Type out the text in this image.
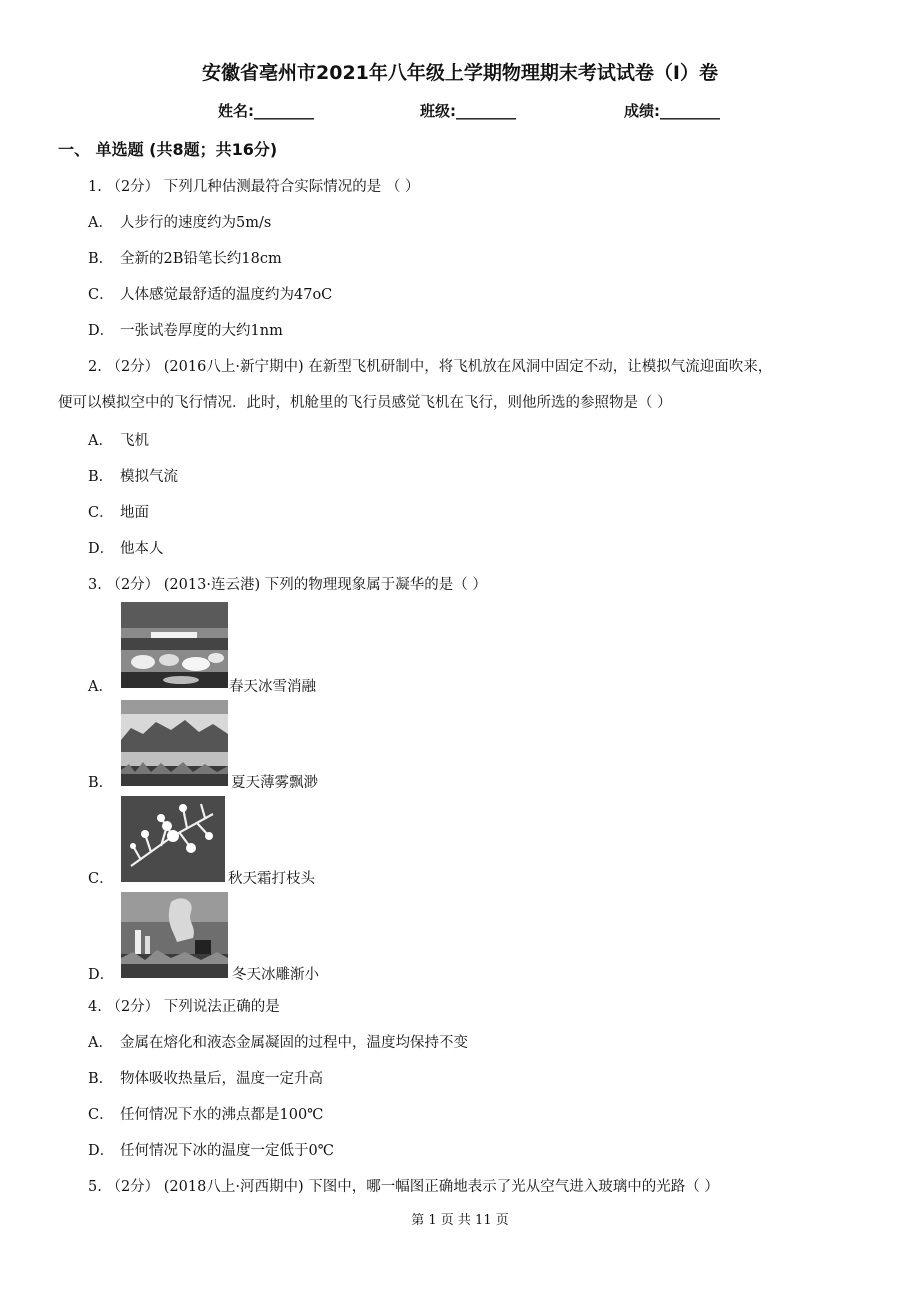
安徽省亳州市2021年八年级上学期物理期末考试试卷（I）卷
姓名:________	班级:________	成绩:________
一、 单选题 (共8题；共16分)
1. （2分） 下列几种估测最符合实际情况的是 （ ）
A． 人步行的速度约为5m/s
B． 全新的2B铅笔长约18cm
C． 人体感觉最舒适的温度约为47oC
D． 一张试卷厚度的大约1nm
2. （2分） (2016八上·新宁期中) 在新型飞机研制中，将飞机放在风洞中固定不动，让模拟气流迎面吹来，
便可以模拟空中的飞行情况．此时，机舱里的飞行员感觉飞机在飞行，则他所选的参照物是（ ）
A． 飞机
B． 模拟气流
C． 地面
D． 他本人
3. （2分） (2013·连云港) 下列的物理现象属于凝华的是（ ）
A．	春天冰雪消融
B．	夏天薄雾飘渺
C．	秋天霜打枝头
D．	冬天冰雕渐小
4. （2分） 下列说法正确的是
A． 金属在熔化和液态金属凝固的过程中，温度均保持不变
B． 物体吸收热量后，温度一定升高
C． 任何情况下水的沸点都是100℃
D． 任何情况下冰的温度一定低于0℃
5. （2分） (2018八上·河西期中) 下图中，哪一幅图正确地表示了光从空气进入玻璃中的光路（ ）
第 1 页 共 11 页
